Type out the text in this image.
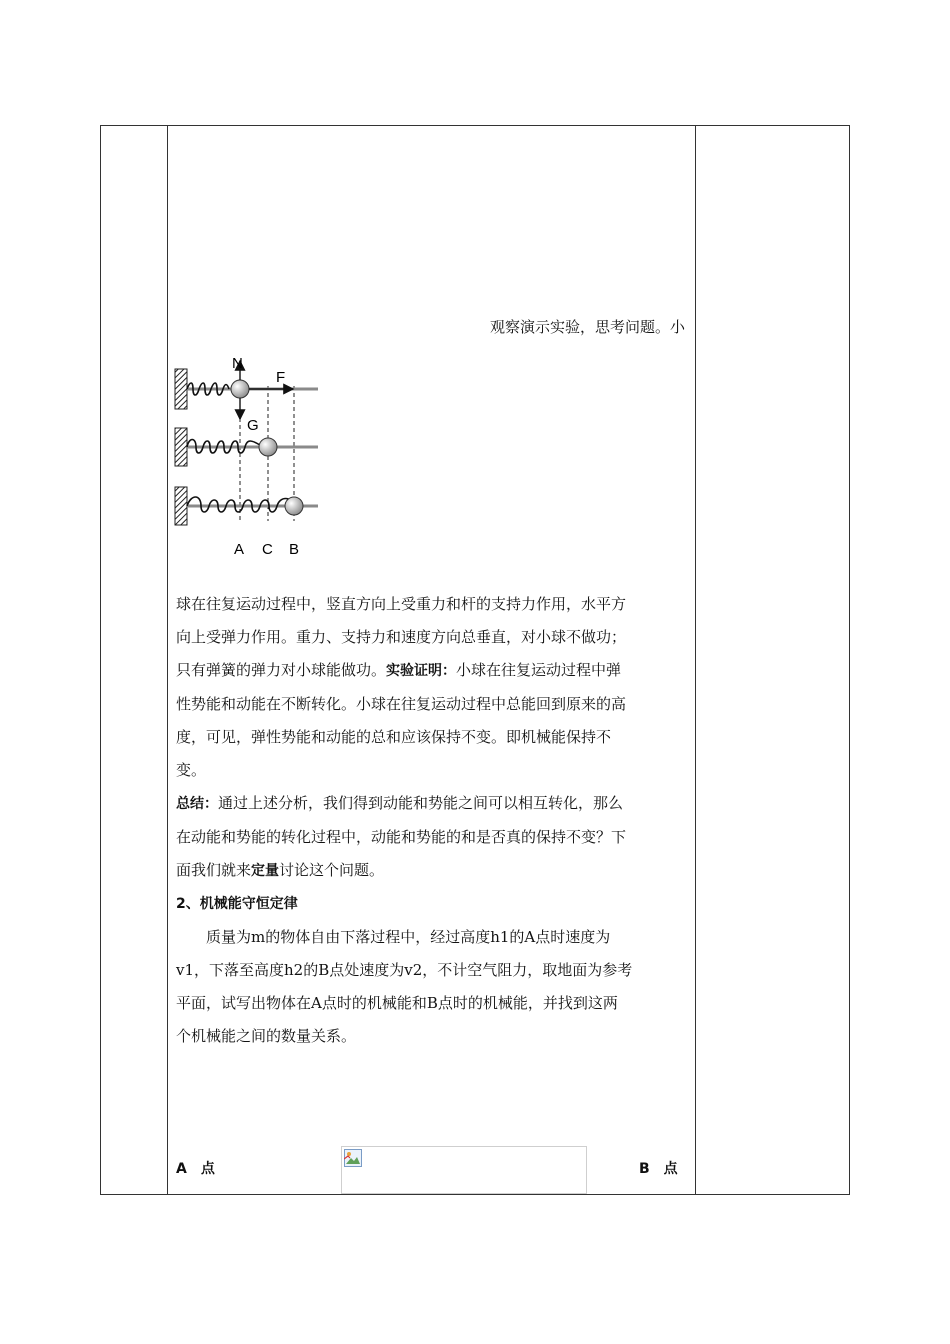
观察演示实验，思考问题。小
N
F
G
A C B
球在往复运动过程中，竖直方向上受重力和杆的支持力作用，水平方
向上受弹力作用。重力、支持力和速度方向总垂直，对小球不做功；
只有弹簧的弹力对小球能做功。实验证明：小球在往复运动过程中弹
性势能和动能在不断转化。小球在往复运动过程中总能回到原来的高
度，可见，弹性势能和动能的总和应该保持不变。即机械能保持不
变。
总结：通过上述分析，我们得到动能和势能之间可以相互转化，那么
在动能和势能的转化过程中，动能和势能的和是否真的保持不变？下
面我们就来定量讨论这个问题。
2、机械能守恒定律
质量为m的物体自由下落过程中，经过高度h1的A点时速度为
v1，下落至高度h2的B点处速度为v2，不计空气阻力，取地面为参考
平面，试写出物体在A点时的机械能和B点时的机械能，并找到这两
个机械能之间的数量关系。
A　点	B　点
